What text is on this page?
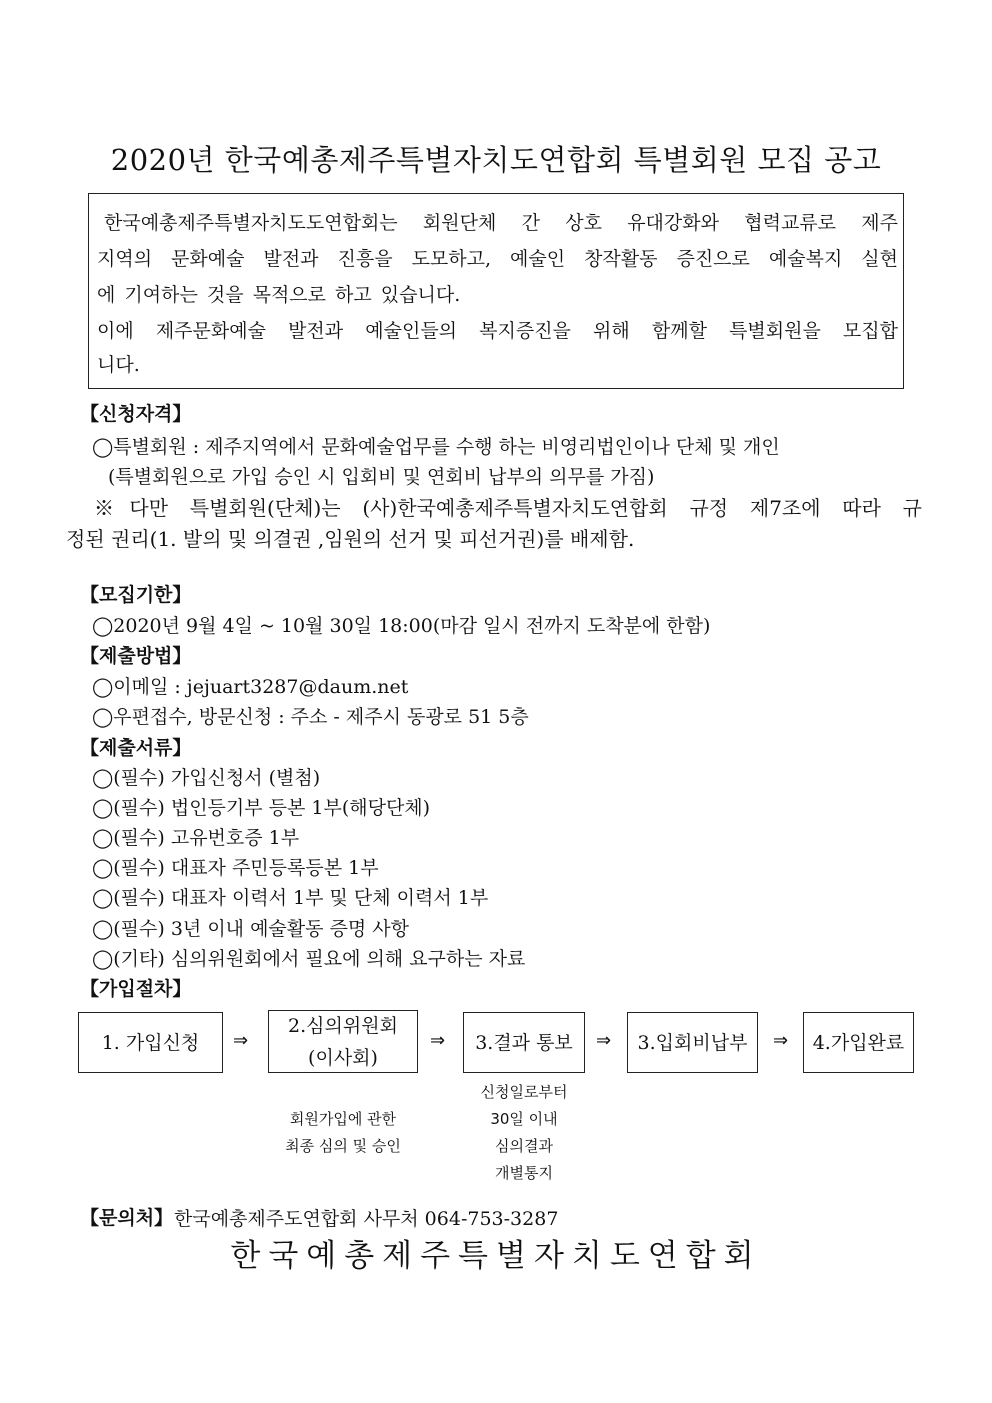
2020년 한국예총제주특별자치도연합회 특별회원 모집 공고
한국예총제주특별자치도도연합회는 회원단체 간 상호 유대강화와 협력교류로 제주
지역의 문화예술 발전과 진흥을 도모하고, 예술인 창작활동 증진으로 예술복지 실현
에 기여하는 것을 목적으로 하고 있습니다.
이에 제주문화예술 발전과 예술인들의 복지증진을 위해 함께할 특별회원을 모집합
니다.
【신청자격】
◯특별회원 : 제주지역에서 문화예술업무를 수행 하는 비영리법인이나 단체 및 개인
(특별회원으로 가입 승인 시 입회비 및 연회비 납부의 의무를 가짐)
※다만 특별회원(단체)는 (사)한국예총제주특별자치도연합회 규정 제7조에 따라 규
정된 권리(1. 발의 및 의결권 ,임원의 선거 및 피선거권)를 배제함.
【모집기한】
◯2020년 9월 4일 ~ 10월 30일 18:00(마감 일시 전까지 도착분에 한함)
【제출방법】
◯이메일 : jejuart3287@daum.net
◯우편접수, 방문신청 : 주소 - 제주시 동광로 51 5층
【제출서류】
◯(필수) 가입신청서 (별첨)
◯(필수) 법인등기부 등본 1부(해당단체)
◯(필수) 고유번호증 1부
◯(필수) 대표자 주민등록등본 1부
◯(필수) 대표자 이력서 1부 및 단체 이력서 1부
◯(필수) 3년 이내 예술활동 증명 사항
◯(기타) 심의위원회에서 필요에 의해 요구하는 자료
【가입절차】
1. 가입신청 ⇒
2.심의위원회
(이사회)
⇒ 3.결과 통보 ⇒ 3.입회비납부 ⇒ 4.가입완료
회원가입에 관한
최종 심의 및 승인
신청일로부터
30일 이내
심의결과
개별통지
【문의처】 한국예총제주도연합회 사무처 064-753-3287
한국예총제주특별자치도연합회
